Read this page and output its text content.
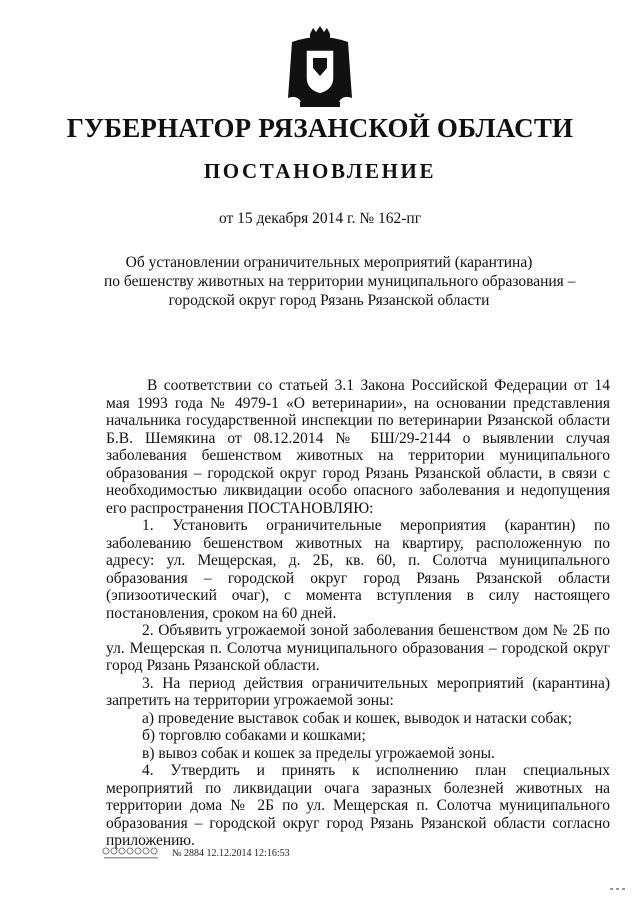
ГУБЕРНАТОР РЯЗАНСКОЙ ОБЛАСТИ
ПОСТАНОВЛЕНИЕ
от 15 декабря 2014 г. № 162-пг
Об установлении ограничительных мероприятий (карантина)
по бешенству животных на территории муниципального образования –
городской округ город Рязань Рязанской области

В соответствии со статьей 3.1 Закона Российской Федерации от 14 мая 1993 года № 4979-1 «О ветеринарии», на основании представления начальника государственной инспекции по ветеринарии Рязанской области Б.В. Шемякина от 08.12.2014 № БШ/29-2144 о выявлении случая заболевания бешенством животных на территории муниципального образования – городской округ город Рязань Рязанской области, в связи с необходимостью ликвидации особо опасного заболевания и недопущения его распространения ПОСТАНОВЛЯЮ:

1. Установить ограничительные мероприятия (карантин) по заболеванию бешенством животных на квартиру, расположенную по адресу: ул. Мещерская, д. 2Б, кв. 60, п. Солотча муниципального образования – городской округ город Рязань Рязанской области (эпизоотический очаг), с момента вступления в силу настоящего постановления, сроком на 60 дней.

2. Объявить угрожаемой зоной заболевания бешенством дом № 2Б по ул. Мещерская п. Солотча муниципального образования – городской округ город Рязань Рязанской области.

3. На период действия ограничительных мероприятий (карантина) запретить на территории угрожаемой зоны:

а) проведение выставок собак и кошек, выводок и натаски собак;

б) торговлю собаками и кошками;

в) вывоз собак и кошек за пределы угрожаемой зоны.

4. Утвердить и принять к исполнению план специальных мероприятий по ликвидации очага заразных болезней животных на территории дома № 2Б по ул. Мещерская п. Солотча муниципального образования – городской округ город Рязань Рязанской области согласно приложению.

№ 2884 12.12.2014 12:16:53
